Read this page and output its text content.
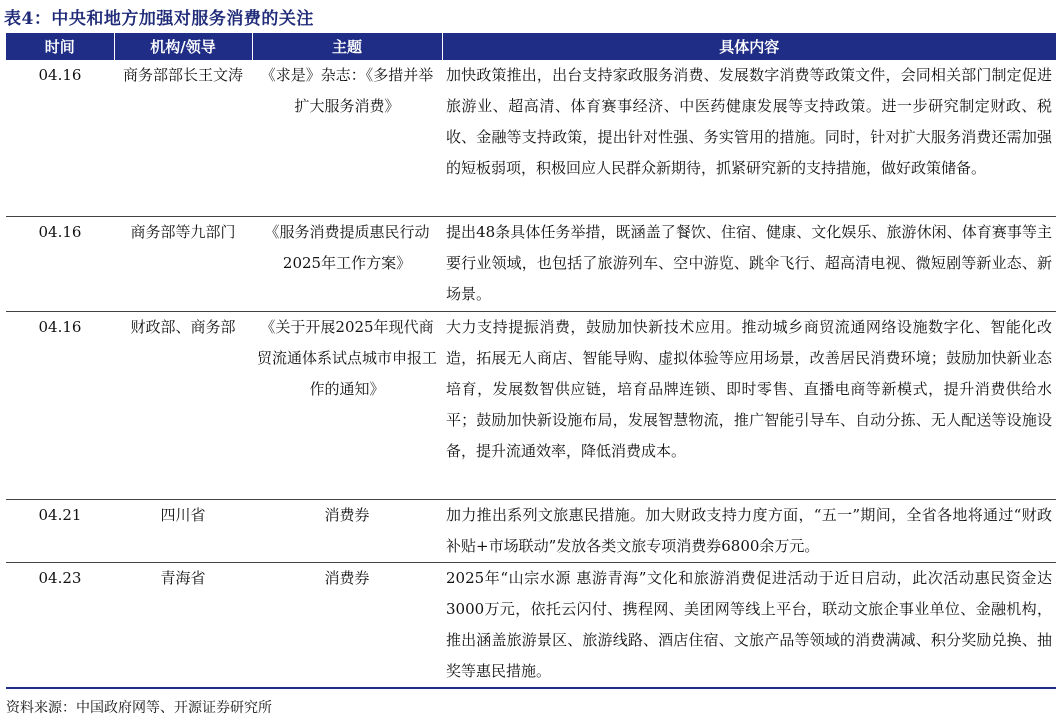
表4：中央和地方加强对服务消费的关注
时间	机构/领导	主题	具体内容
04.16	商务部部长王文涛	《求是》杂志：《多措并举扩大服务消费》	加快政策推出，出台支持家政服务消费、发展数字消费等政策文件，会同相关部门制定促进旅游业、超高清、体育赛事经济、中医药健康发展等支持政策。进一步研究制定财政、税收、金融等支持政策，提出针对性强、务实管用的措施。同时，针对扩大服务消费还需加强的短板弱项，积极回应人民群众新期待，抓紧研究新的支持措施，做好政策储备。
04.16	商务部等九部门	《服务消费提质惠民行动2025年工作方案》	提出48条具体任务举措，既涵盖了餐饮、住宿、健康、文化娱乐、旅游休闲、体育赛事等主要行业领域，也包括了旅游列车、空中游览、跳伞飞行、超高清电视、微短剧等新业态、新场景。
04.16	财政部、商务部	《关于开展2025年现代商贸流通体系试点城市申报工作的通知》	大力支持提振消费，鼓励加快新技术应用。推动城乡商贸流通网络设施数字化、智能化改造，拓展无人商店、智能导购、虚拟体验等应用场景，改善居民消费环境；鼓励加快新业态培育，发展数智供应链，培育品牌连锁、即时零售、直播电商等新模式，提升消费供给水平；鼓励加快新设施布局，发展智慧物流，推广智能引导车、自动分拣、无人配送等设施设备，提升流通效率，降低消费成本。
04.21	四川省	消费券	加力推出系列文旅惠民措施。加大财政支持力度方面，“五一”期间，全省各地将通过“财政补贴+市场联动”发放各类文旅专项消费券6800余万元。
04.23	青海省	消费券	2025年“山宗水源 惠游青海”文化和旅游消费促进活动于近日启动，此次活动惠民资金达3000万元，依托云闪付、携程网、美团网等线上平台，联动文旅企事业单位、金融机构，推出涵盖旅游景区、旅游线路、酒店住宿、文旅产品等领域的消费满减、积分奖励兑换、抽奖等惠民措施。
资料来源：中国政府网等、开源证券研究所
